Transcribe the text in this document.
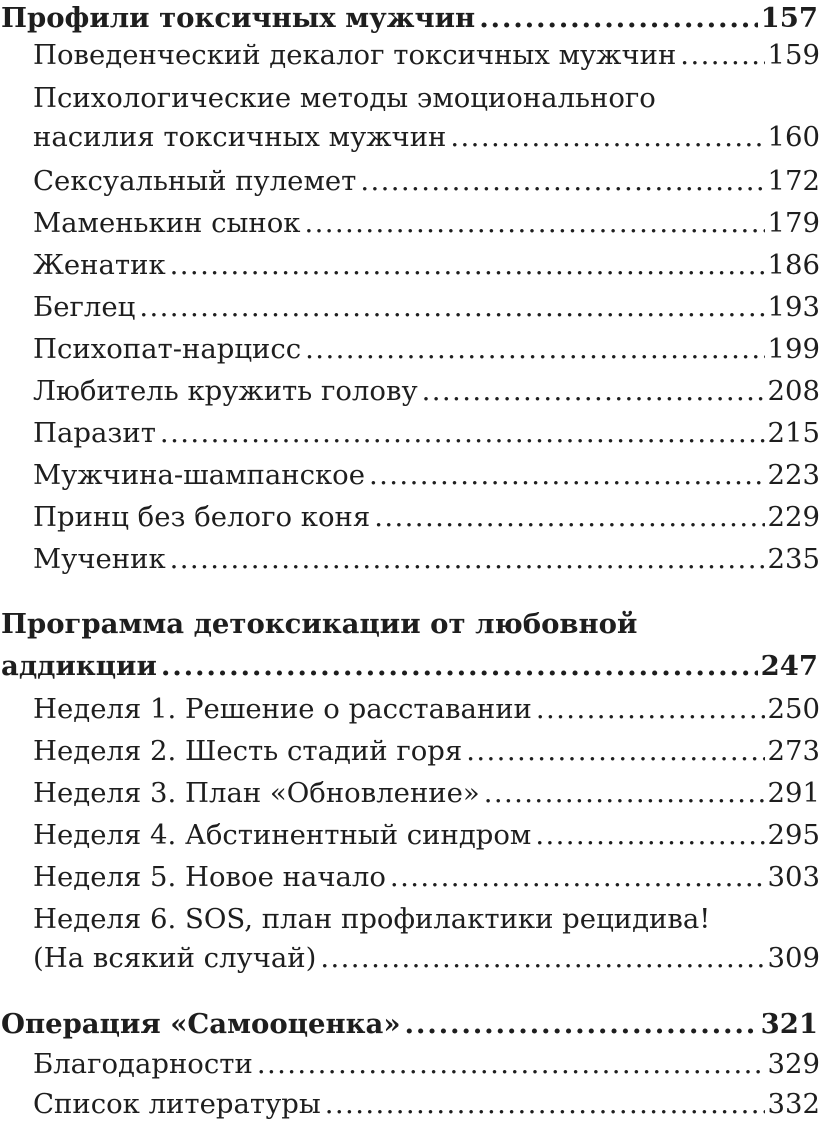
Профили токсичных мужчин .....	157
Поведенческий декалог токсичных мужчин .....	159
Психологические методы эмоционального
насилия токсичных мужчин .....	160
Сексуальный пулемет .....	172
Маменькин сынок .....	179
Женатик .....	186
Беглец .....	193
Психопат-нарцисс .....	199
Любитель кружить голову .....	208
Паразит .....	215
Мужчина-шампанское .....	223
Принц без белого коня .....	229
Мученик .....	235
Программа детоксикации от любовной
аддикции .....	247
Неделя 1. Решение о расставании .....	250
Неделя 2. Шесть стадий горя .....	273
Неделя 3. План «Обновление» .....	291
Неделя 4. Абстинентный синдром .....	295
Неделя 5. Новое начало .....	303
Неделя 6. SOS, план профилактики рецидива!
(На всякий случай) .....	309
Операция «Самооценка» .....	321
Благодарности .....	329
Список литературы .....	332
